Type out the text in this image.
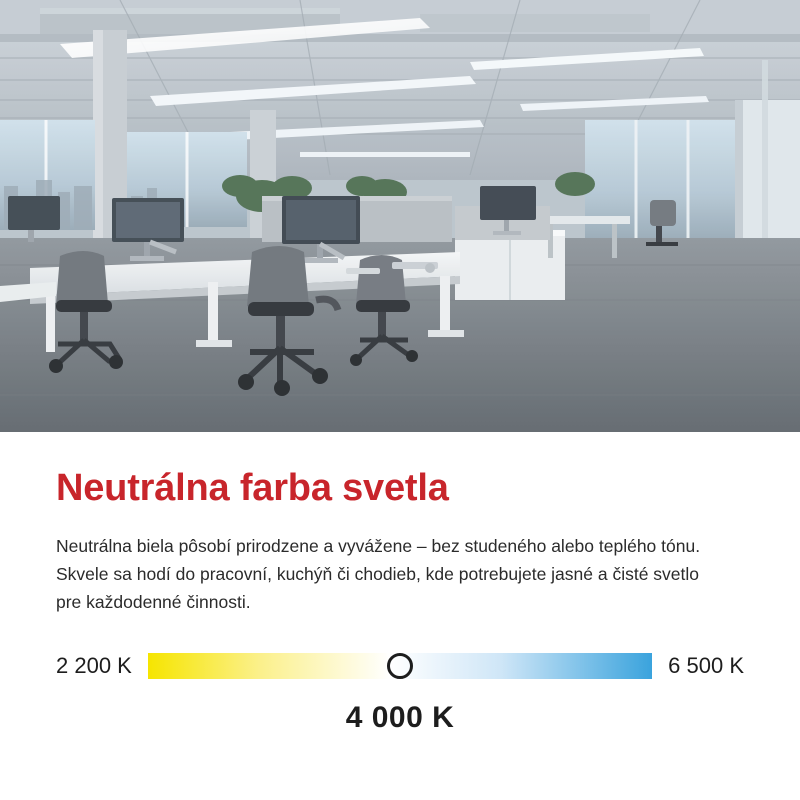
Neutrálna farba svetla

Neutrálna biela pôsobí prirodzene a vyvážene – bez studeného alebo teplého tónu. Skvele sa hodí do pracovní, kuchýň či chodieb, kde potrebujete jasné a čisté svetlo pre každodenné činnosti.

2 200 K	6 500 K
4 000 K
